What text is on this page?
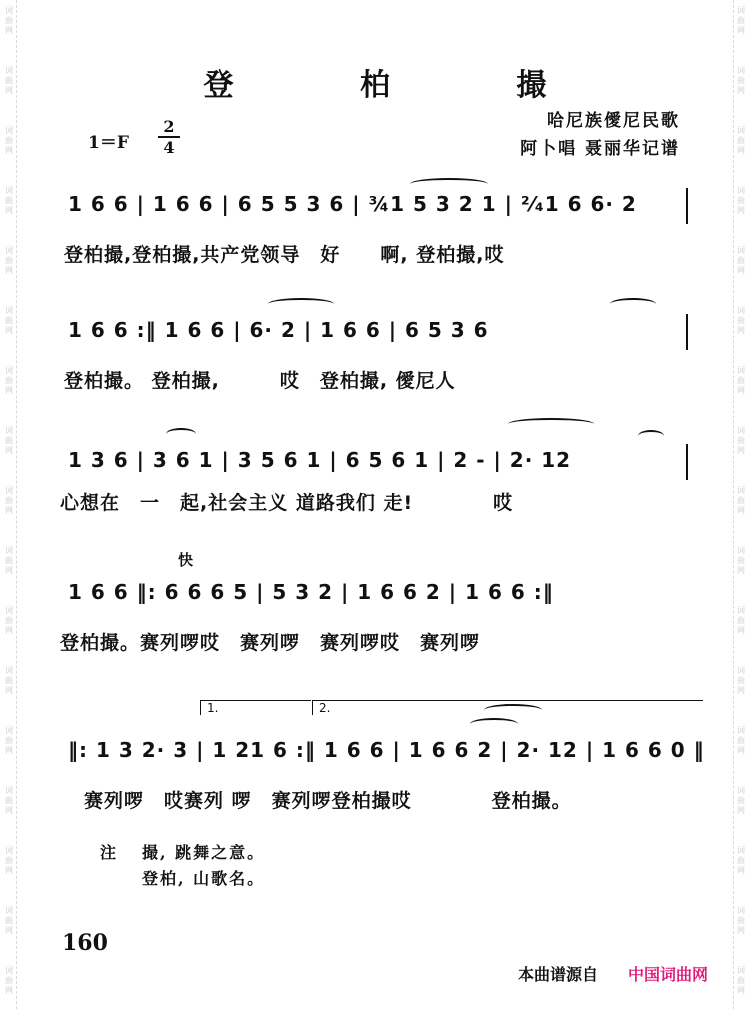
词
曲
网
词
曲
网
词
曲
网
词
曲
网
词
曲
网
词
曲
网
词
曲
网
词
曲
网
词
曲
网
词
曲
网
词
曲
网
词
曲
网
词
曲
网
词
曲
网
词
曲
网
词
曲
网
词
曲
网
词
曲
网
词
曲
网
词
曲
网
词
曲
网
词
曲
网
词
曲
网
词
曲
网
词
曲
网
词
曲
网
词
曲
网
词
曲
网
词
曲
网
词
曲
网
词
曲
网
词
曲
网
词
曲
网
词
曲
网
登 柏 撮
1＝F
2
4
哈尼族僾尼民歌
阿卜唱 聂丽华记谱
1 6 6 | 1 6 6 | 6 5 5 3 6 | ¾1 5 3 2 1 | ²⁄₄1 6 6· 2
登柏撮,登柏撮,共产党领导　好　　啊, 登柏撮,哎
1 6 6 :‖ 1 6 6 | 6· 2 | 1 6 6 | 6 5 3 6
登柏撮。 登柏撮,　　　哎　登柏撮, 僾尼人
1 3 6 | 3 6 1 | 3 5 6 1 | 6 5 6 1 | 2 - | 2· 12
心想在　一　起,社会主义 道路我们 走!　　　　哎
快
1 6 6 ‖: 6 6 6 5 | 5 3 2 | 1 6 6 2 | 1 6 6 :‖
登柏撮。赛列啰哎　赛列啰　赛列啰哎　赛列啰
1.	2.
‖: 1 3 2· 3 | 1 21 6 :‖ 1 6 6 | 1 6 6 2 | 2· 12 | 1 6 6 0 ‖
赛列啰　哎赛列 啰　赛列啰登柏撮哎　　　　登柏撮。
注 撮, 跳舞之意。
登柏, 山歌名。
160
本曲谱源自 中国词曲网
